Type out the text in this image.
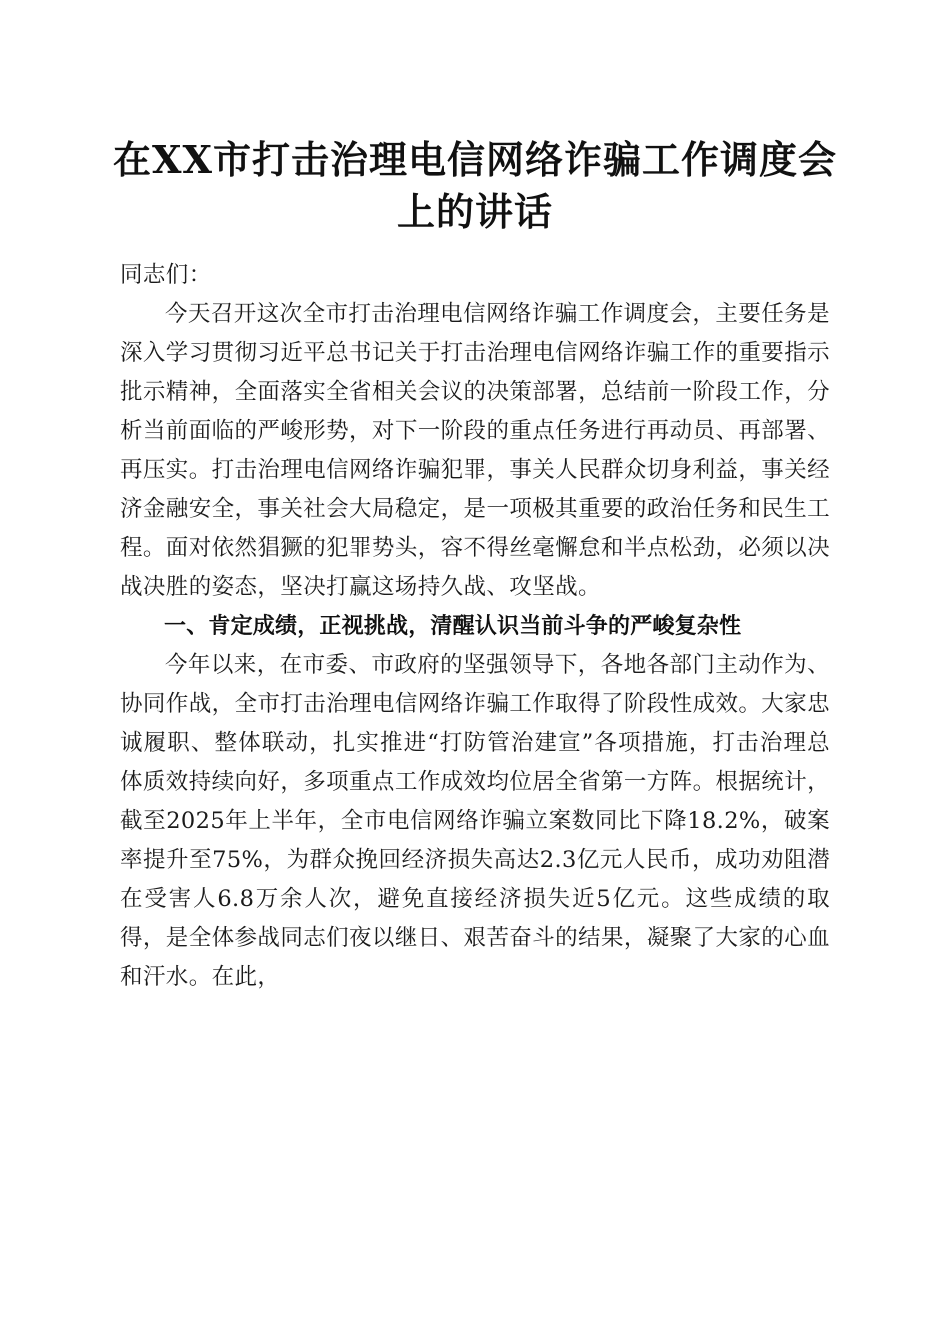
在XX市打击治理电信网络诈骗工作调度会上的讲话

同志们：

今天召开这次全市打击治理电信网络诈骗工作调度会，主要任务是深入学习贯彻习近平总书记关于打击治理电信网络诈骗工作的重要指示批示精神，全面落实全省相关会议的决策部署，总结前一阶段工作，分析当前面临的严峻形势，对下一阶段的重点任务进行再动员、再部署、再压实。打击治理电信网络诈骗犯罪，事关人民群众切身利益，事关经济金融安全，事关社会大局稳定，是一项极其重要的政治任务和民生工程。面对依然猖獗的犯罪势头，容不得丝毫懈怠和半点松劲，必须以决战决胜的姿态，坚决打赢这场持久战、攻坚战。

一、肯定成绩，正视挑战，清醒认识当前斗争的严峻复杂性

今年以来，在市委、市政府的坚强领导下，各地各部门主动作为、协同作战，全市打击治理电信网络诈骗工作取得了阶段性成效。大家忠诚履职、整体联动，扎实推进“打防管治建宣”各项措施，打击治理总体质效持续向好，多项重点工作成效均位居全省第一方阵。根据统计，截至2025年上半年，全市电信网络诈骗立案数同比下降18.2%，破案率提升至75%，为群众挽回经济损失高达2.3亿元人民币，成功劝阻潜在受害人6.8万余人次，避免直接经济损失近5亿元。这些成绩的取得，是全体参战同志们夜以继日、艰苦奋斗的结果，凝聚了大家的心血和汗水。在此，
